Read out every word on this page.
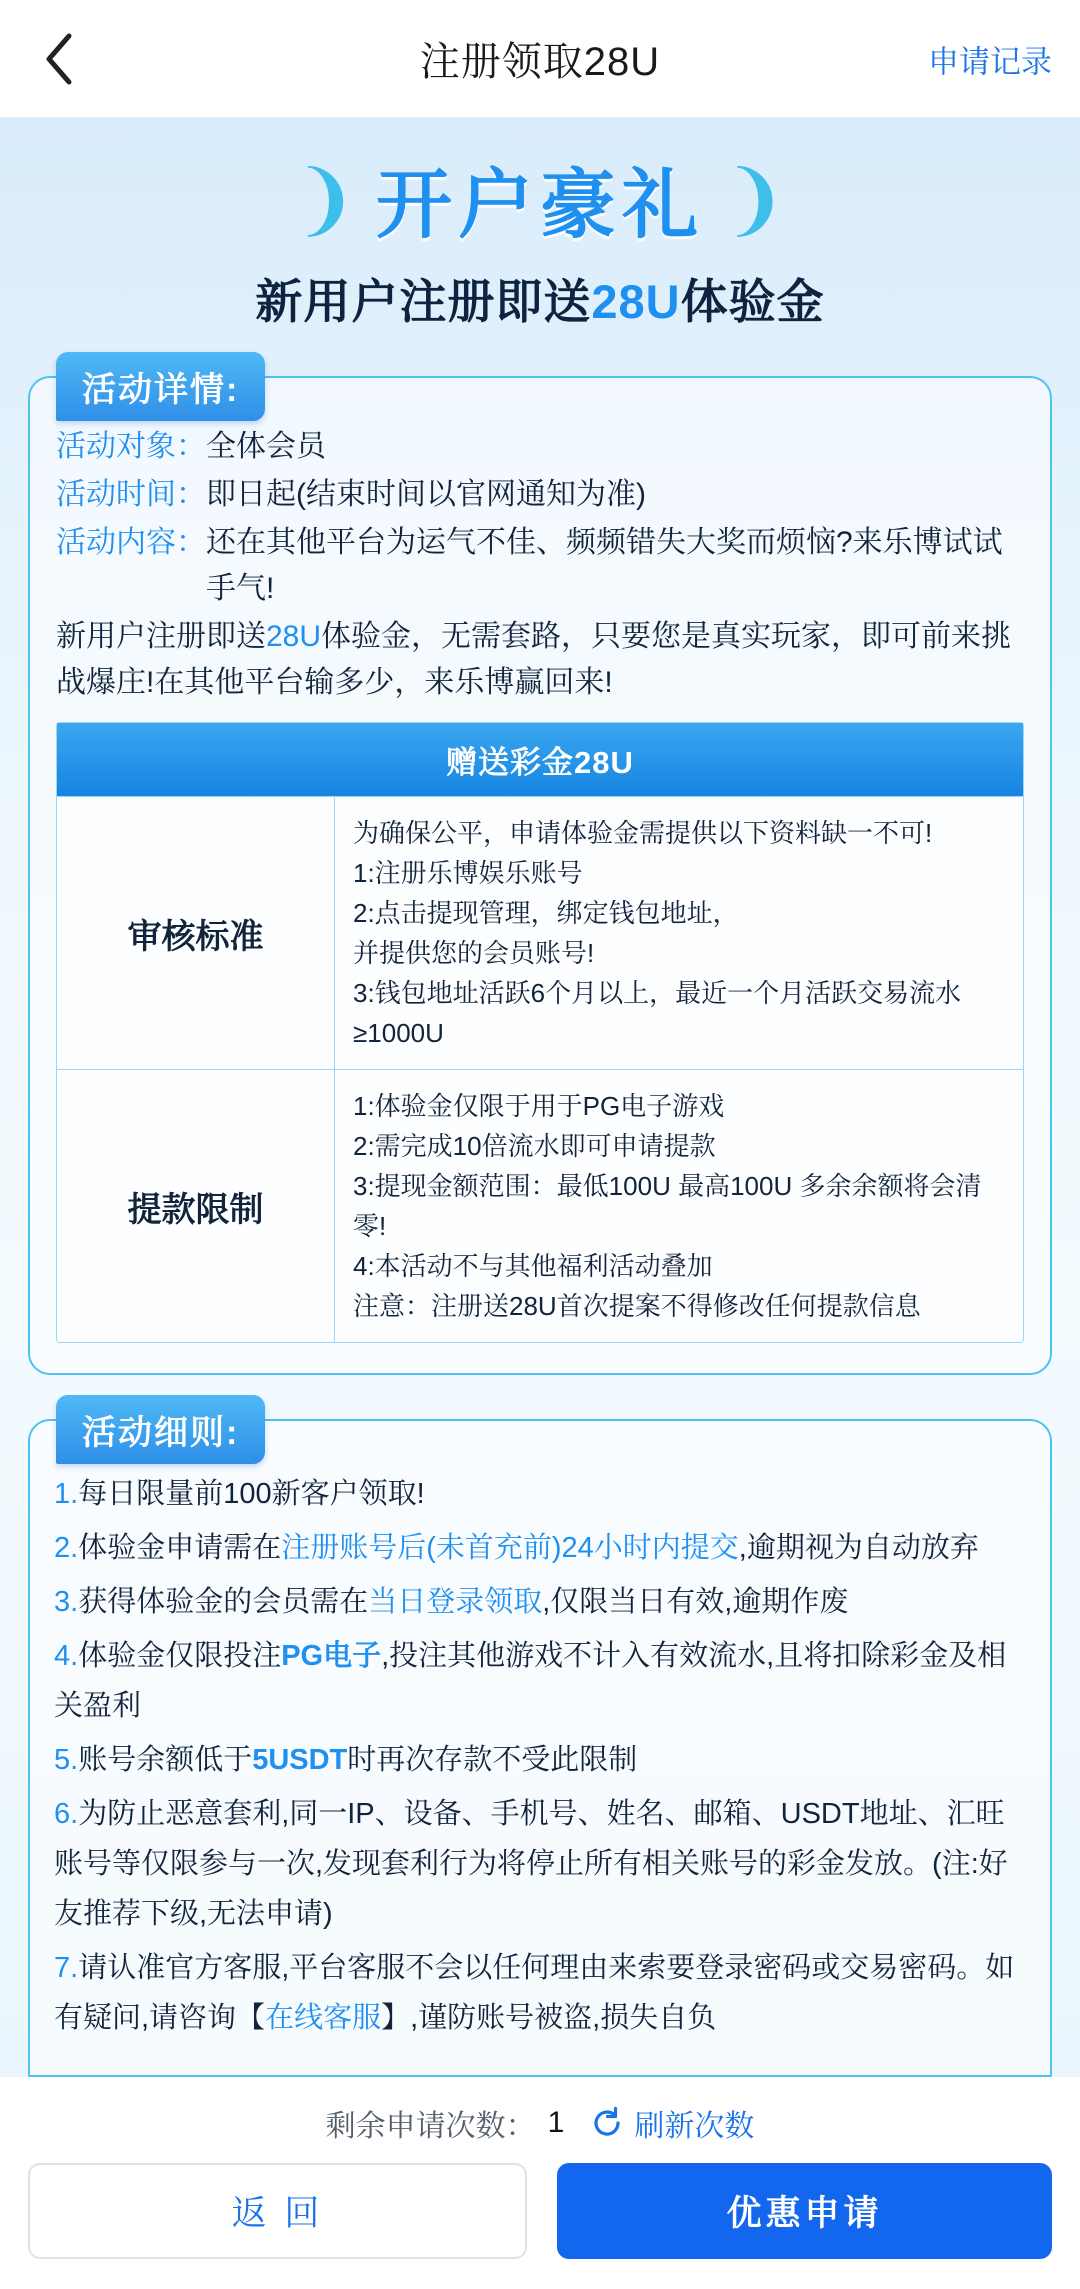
注册领取28U	申请记录
❨ 开户豪礼 ❩
新用户注册即送28U体验金
活动详情:
活动对象： 全体会员
活动时间： 即日起(结束时间以官网通知为准)
活动内容： 还在其他平台为运气不佳、频频错失大奖而烦恼?来乐博试试手气!
新用户注册即送28U体验金，无需套路，只要您是真实玩家，即可前来挑战爆庄!在其他平台输多少，来乐博赢回来!
赠送彩金28U
审核标准
为确保公平，申请体验金需提供以下资料缺一不可!
1:注册乐博娱乐账号
2:点击提现管理，绑定钱包地址，
并提供您的会员账号!
3:钱包地址活跃6个月以上，最近一个月活跃交易流水≥1000U
提款限制
1:体验金仅限于用于PG电子游戏
2:需完成10倍流水即可申请提款
3:提现金额范围：最低100U 最高100U 多余余额将会清零!
4:本活动不与其他福利活动叠加
注意：注册送28U首次提案不得修改任何提款信息
活动细则:
1.每日限量前100新客户领取!
2.体验金申请需在注册账号后(未首充前)24小时内提交,逾期视为自动放弃
3.获得体验金的会员需在当日登录领取,仅限当日有效,逾期作废
4.体验金仅限投注PG电子,投注其他游戏不计入有效流水,且将扣除彩金及相关盈利
5.账号余额低于5USDT时再次存款不受此限制
6.为防止恶意套利,同一IP、设备、手机号、姓名、邮箱、USDT地址、汇旺账号等仅限参与一次,发现套利行为将停止所有相关账号的彩金发放。(注:好友推荐下级,无法申请)
7.请认准官方客服,平台客服不会以任何理由来索要登录密码或交易密码。如有疑问,请咨询【在线客服】,谨防账号被盗,损失自负
剩余申请次数： 1 刷新次数
返 回	优惠申请
